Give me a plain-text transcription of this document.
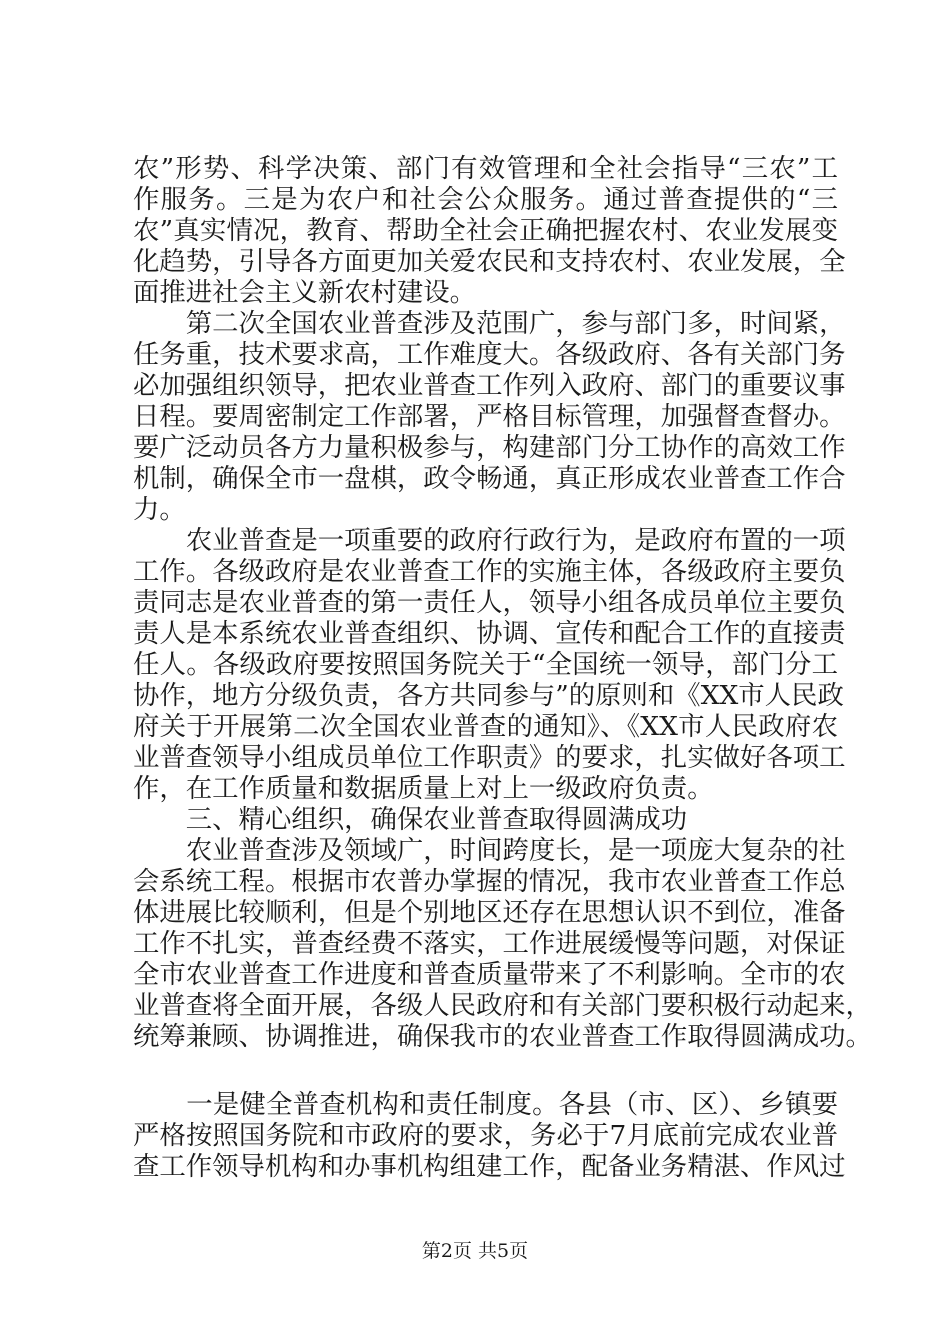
农”形势、科学决策、部门有效管理和全社会指导“三农”工
作服务。三是为农户和社会公众服务。通过普查提供的“三
农”真实情况，教育、帮助全社会正确把握农村、农业发展变
化趋势，引导各方面更加关爱农民和支持农村、农业发展，全
面推进社会主义新农村建设。
　　第二次全国农业普查涉及范围广，参与部门多，时间紧，
任务重，技术要求高，工作难度大。各级政府、各有关部门务
必加强组织领导，把农业普查工作列入政府、部门的重要议事
日程。要周密制定工作部署，严格目标管理，加强督查督办。
要广泛动员各方力量积极参与，构建部门分工协作的高效工作
机制，确保全市一盘棋，政令畅通，真正形成农业普查工作合
力。
　　农业普查是一项重要的政府行政行为，是政府布置的一项
工作。各级政府是农业普查工作的实施主体，各级政府主要负
责同志是农业普查的第一责任人，领导小组各成员单位主要负
责人是本系统农业普查组织、协调、宣传和配合工作的直接责
任人。各级政府要按照国务院关于“全国统一领导，部门分工
协作，地方分级负责，各方共同参与”的原则和《XX市人民政
府关于开展第二次全国农业普查的通知》、《XX市人民政府农
业普查领导小组成员单位工作职责》的要求，扎实做好各项工
作，在工作质量和数据质量上对上一级政府负责。
　　三、精心组织，确保农业普查取得圆满成功
　　农业普查涉及领域广，时间跨度长，是一项庞大复杂的社
会系统工程。根据市农普办掌握的情况，我市农业普查工作总
体进展比较顺利，但是个别地区还存在思想认识不到位，准备
工作不扎实，普查经费不落实，工作进展缓慢等问题，对保证
全市农业普查工作进度和普查质量带来了不利影响。全市的农
业普查将全面开展，各级人民政府和有关部门要积极行动起来，
统筹兼顾、协调推进，确保我市的农业普查工作取得圆满成功。
　　一是健全普查机构和责任制度。各县（市、区）、乡镇要
严格按照国务院和市政府的要求，务必于7月底前完成农业普
查工作领导机构和办事机构组建工作，配备业务精湛、作风过
第2页 共5页
